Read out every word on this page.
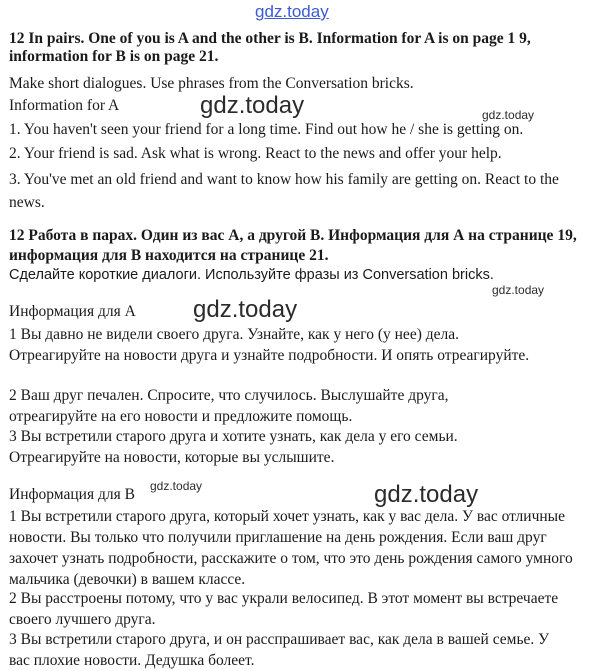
gdz.today
gdz.today	gdz.today
gdz.today
gdz.today
gdz.today	gdz.today
12 In pairs. One of you is A and the other is B. Information for A is on page 1 9, information for B is on page 21.
Make short dialogues. Use phrases from the Conversation bricks.
Information for A
1. You haven't seen your friend for a long time. Find out how he / she is getting on.
2. Your friend is sad. Ask what is wrong. React to the news and offer your help.
3. You've met an old friend and want to know how his family are getting on. React to the news.
12 Работа в парах. Один из вас А, а другой В. Информация для А на странице 19, информация для В находится на странице 21.
Сделайте короткие диалоги. Используйте фразы из Conversation bricks.
Информация для А
1 Вы давно не видели своего друга. Узнайте, как у него (у нее) дела. Отреагируйте на новости друга и узнайте подробности. И опять отреагируйте.
2 Ваш друг печален. Спросите, что случилось. Выслушайте друга, отреагируйте на его новости и предложите помощь.
3 Вы встретили старого друга и хотите узнать, как дела у его семьи. Отреагируйте на новости, которые вы услышите.
Информация для В
1 Вы встретили старого друга, который хочет узнать, как у вас дела. У вас отличные новости. Вы только что получили приглашение на день рождения. Если ваш друг захочет узнать подробности, расскажите о том, что это день рождения самого умного мальчика (девочки) в вашем классе.
2 Вы расстроены потому, что у вас украли велосипед. В этот момент вы встречаете своего лучшего друга.
3 Вы встретили старого друга, и он расспрашивает вас, как дела в вашей семье. У вас плохие новости. Дедушка болеет.
